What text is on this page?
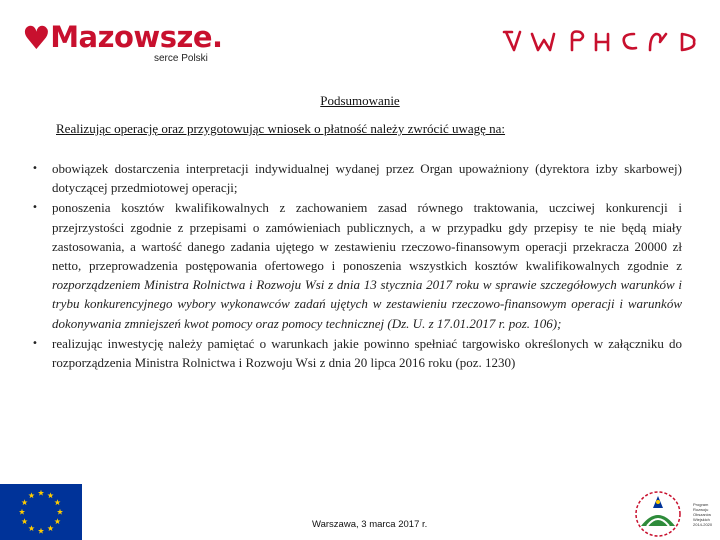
♥Mazowsze.
serce Polski
Podsumowanie
Realizując operację oraz przygotowując wniosek o płatność należy zwrócić uwagę na:
• obowiązek dostarczenia interpretacji indywidualnej wydanej przez Organ upoważniony (dyrektora izby skarbowej) dotyczącej przedmiotowej operacji;
• ponoszenia kosztów kwalifikowalnych z zachowaniem zasad równego traktowania, uczciwej konkurencji i przejrzystości zgodnie z przepisami o zamówieniach publicznych, a w przypadku gdy przepisy te nie będą miały zastosowania, a wartość danego zadania ujętego w zestawieniu rzeczowo-finansowym operacji przekracza 20000 zł netto, przeprowadzenia postępowania ofertowego i ponoszenia wszystkich kosztów kwalifikowalnych zgodnie z rozporządzeniem Ministra Rolnictwa i Rozwoju Wsi z dnia 13 stycznia 2017 roku w sprawie szczegółowych warunków i trybu konkurencyjnego wybory wykonawców zadań ujętych w zestawieniu rzeczowo-finansowym operacji i warunków dokonywania zmniejszeń kwot pomocy oraz pomocy technicznej (Dz. U. z 17.01.2017 r. poz. 106);
• realizując inwestycję należy pamiętać o warunkach jakie powinno spełniać targowisko określonych w załączniku do rozporządzenia Ministra Rolnictwa i Rozwoju Wsi z dnia 20 lipca 2016 roku (poz. 1230)
Warszawa, 3 marca 2017 r.
Program Rozwoju Obszarów Wiejskich 2014-2020
